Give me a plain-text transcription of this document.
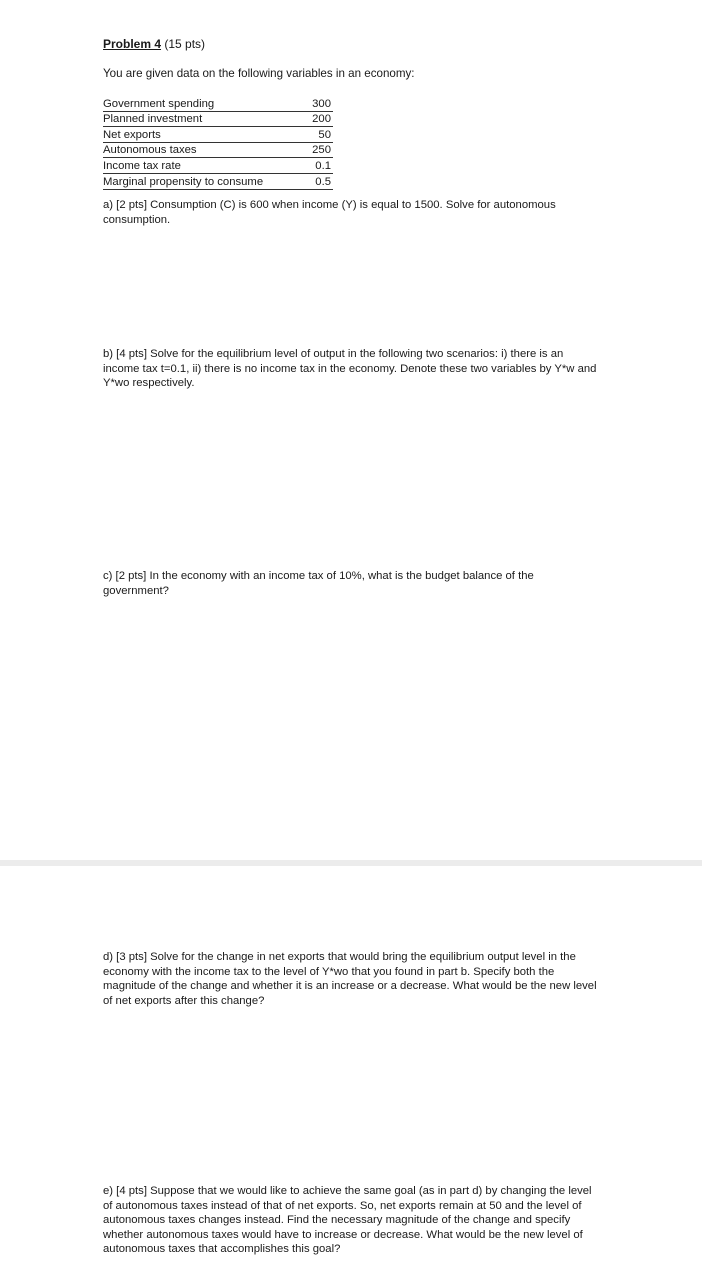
Problem 4 (15 pts)
You are given data on the following variables in an economy:
Government spending	300
Planned investment	200
Net exports	50
Autonomous taxes	250
Income tax rate	0.1
Marginal propensity to consume	0.5
a) [2 pts] Consumption (C) is 600 when income (Y) is equal to 1500. Solve for autonomous consumption.
b) [4 pts] Solve for the equilibrium level of output in the following two scenarios: i) there is an income tax t=0.1, ii) there is no income tax in the economy. Denote these two variables by Y*w and Y*wo respectively.
c) [2 pts] In the economy with an income tax of 10%, what is the budget balance of the government?
d) [3 pts] Solve for the change in net exports that would bring the equilibrium output level in the economy with the income tax to the level of Y*wo that you found in part b. Specify both the magnitude of the change and whether it is an increase or a decrease. What would be the new level of net exports after this change?
e) [4 pts] Suppose that we would like to achieve the same goal (as in part d) by changing the level of autonomous taxes instead of that of net exports. So, net exports remain at 50 and the level of autonomous taxes changes instead. Find the necessary magnitude of the change and specify whether autonomous taxes would have to increase or decrease. What would be the new level of autonomous taxes that accomplishes this goal?
